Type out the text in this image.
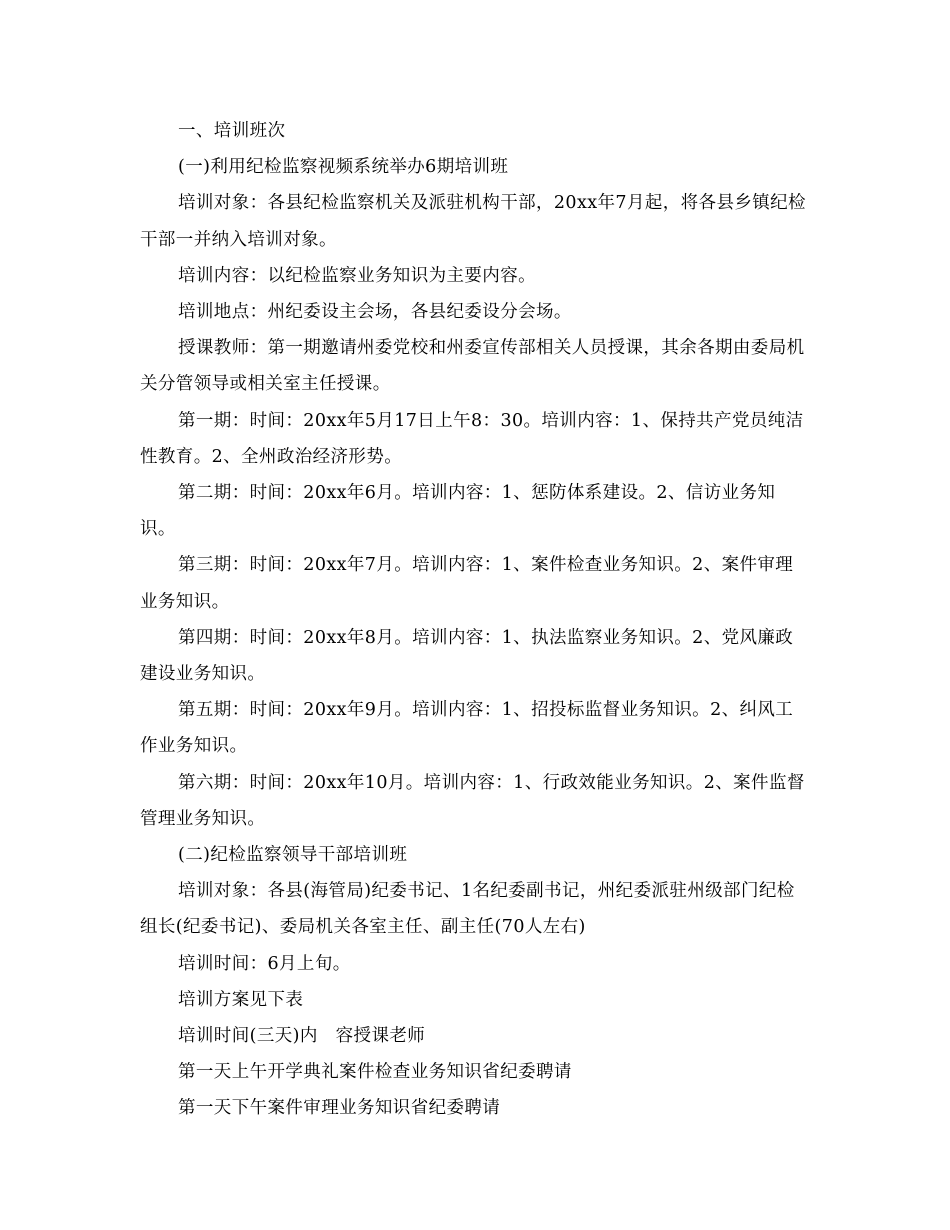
一、培训班次

(一)利用纪检监察视频系统举办6期培训班

培训对象：各县纪检监察机关及派驻机构干部，20xx年7月起，将各县乡镇纪检干部一并纳入培训对象。

培训内容：以纪检监察业务知识为主要内容。

培训地点：州纪委设主会场，各县纪委设分会场。

授课教师：第一期邀请州委党校和州委宣传部相关人员授课，其余各期由委局机关分管领导或相关室主任授课。

第一期：时间：20xx年5月17日上午8：30。培训内容：1、保持共产党员纯洁性教育。2、全州政治经济形势。

第二期：时间：20xx年6月。培训内容：1、惩防体系建设。2、信访业务知识。

第三期：时间：20xx年7月。培训内容：1、案件检查业务知识。2、案件审理业务知识。

第四期：时间：20xx年8月。培训内容：1、执法监察业务知识。2、党风廉政建设业务知识。

第五期：时间：20xx年9月。培训内容：1、招投标监督业务知识。2、纠风工作业务知识。

第六期：时间：20xx年10月。培训内容：1、行政效能业务知识。2、案件监督管理业务知识。

(二)纪检监察领导干部培训班

培训对象：各县(海管局)纪委书记、1名纪委副书记，州纪委派驻州级部门纪检组长(纪委书记)、委局机关各室主任、副主任(70人左右)

培训时间：6月上旬。

培训方案见下表

培训时间(三天)内　容授课老师

第一天上午开学典礼案件检查业务知识省纪委聘请

第一天下午案件审理业务知识省纪委聘请
